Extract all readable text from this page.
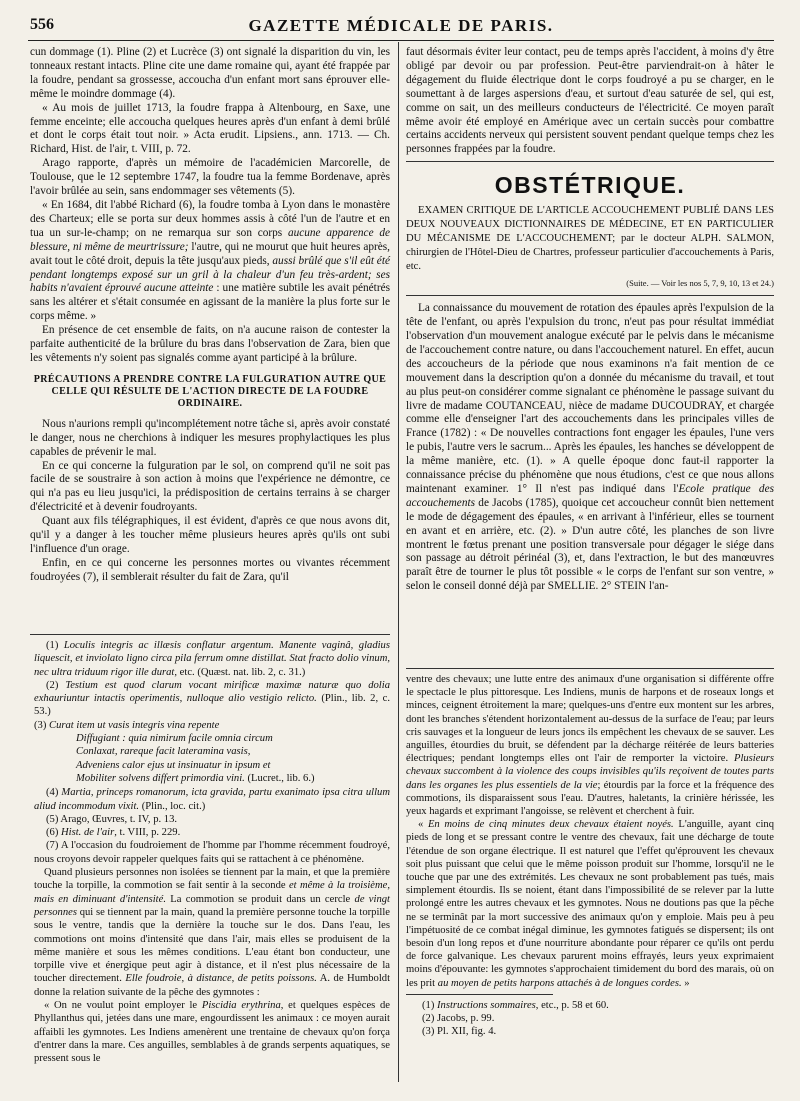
556	GAZETTE MÉDICALE DE PARIS.

cun dommage (1). Pline (2) et Lucrèce (3) ont signalé la disparition du vin, les tonneaux restant intacts. Pline cite une dame romaine qui, ayant été frappée par la foudre, pendant sa grossesse, accoucha d'un enfant mort sans éprouver elle-même le moindre dommage (4).

« Au mois de juillet 1713, la foudre frappa à Altenbourg, en Saxe, une femme enceinte; elle accoucha quelques heures après d'un enfant à demi brûlé et dont le corps était tout noir. » Acta erudit. Lipsiens., ann. 1713. — Ch. Richard, Hist. de l'air, t. VIII, p. 72.

Arago rapporte, d'après un mémoire de l'académicien Marcorelle, de Toulouse, que le 12 septembre 1747, la foudre tua la femme Bordenave, après l'avoir brûlée au sein, sans endommager ses vêtements (5).

« En 1684, dit l'abbé Richard (6), la foudre tomba à Lyon dans le monastère des Charteux; elle se porta sur deux hommes assis à côté l'un de l'autre et en tua un sur-le-champ; on ne remarqua sur son corps aucune apparence de blessure, ni même de meurtrissure; l'autre, qui ne mourut que huit heures après, avait tout le côté droit, depuis la tête jusqu'aux pieds, aussi brûlé que s'il eût été pendant longtemps exposé sur un gril à la chaleur d'un feu très-ardent; ses habits n'avaient éprouvé aucune atteinte : une matière subtile les avait pénétrés sans les altérer et s'était consumée en agissant de la manière la plus forte sur le corps même. »

En présence de cet ensemble de faits, on n'a aucune raison de contester la parfaite authenticité de la brûlure du bras dans l'observation de Zara, bien que les vêtements n'y soient pas signalés comme ayant participé à la brûlure.

PRÉCAUTIONS A PRENDRE CONTRE LA FULGURATION AUTRE QUE CELLE QUI RÉSULTE DE L'ACTION DIRECTE DE LA FOUDRE ORDINAIRE.

Nous n'aurions rempli qu'incomplétement notre tâche si, après avoir constaté le danger, nous ne cherchions à indiquer les mesures prophylactiques les plus capables de prévenir le mal.

En ce qui concerne la fulguration par le sol, on comprend qu'il ne soit pas facile de se soustraire à son action à moins que l'expérience ne démontre, ce qui n'a pas eu lieu jusqu'ici, la prédisposition de certains terrains à se charger d'électricité et à devenir foudroyants.

Quant aux fils télégraphiques, il est évident, d'après ce que nous avons dit, qu'il y a danger à les toucher même plusieurs heures après qu'ils ont subi l'influence d'un orage.

Enfin, en ce qui concerne les personnes mortes ou vivantes récemment foudroyées (7), il semblerait résulter du fait de Zara, qu'il

(1) Loculis integris ac illæsis conflatur argentum. Manente vaginâ, gladius liquescit, et inviolato ligno circa pila ferrum omne distillat. Stat fracto dolio vinum, nec ultra triduum rigor ille durat, etc. (Quæst. nat. lib. 2, c. 31.)

(2) Testium est quod clarum vocant mirificæ maximæ naturæ quo dolia exhauriuntur intactis operimentis, nulloque alio vestigio relicto. (Plin., lib. 2, c. 53.)

(3) Curat item ut vasis integris vina repente

Diffugiant : quia nimirum facile omnia circum

Conlaxat, rareque facit lateramina vasis,

Adveniens calor ejus ut insinuatur in ipsum et

Mobiliter solvens differt primordia vini. (Lucret., lib. 6.)

(4) Martia, princeps romanorum, icta gravida, partu exanimato ipsa citra ullum aliud incommodum vixit. (Plin., loc. cit.)

(5) Arago, Œuvres, t. IV, p. 13.

(6) Hist. de l'air, t. VIII, p. 229.

(7) A l'occasion du foudroiement de l'homme par l'homme récemment foudroyé, nous croyons devoir rappeler quelques faits qui se rattachent à ce phénomène.

Quand plusieurs personnes non isolées se tiennent par la main, et que la première touche la torpille, la commotion se fait sentir à la seconde et même à la troisième, mais en diminuant d'intensité. La commotion se produit dans un cercle de vingt personnes qui se tiennent par la main, quand la première personne touche la torpille sous le ventre, tandis que la dernière la touche sur le dos. Dans l'eau, les commotions ont moins d'intensité que dans l'air, mais elles se produisent de la même manière et sous les mêmes conditions. L'eau étant bon conducteur, une torpille vive et énergique peut agir à distance, et il n'est plus nécessaire de la toucher directement. Elle foudroie, à distance, de petits poissons. A. de Humboldt donne la relation suivante de la pêche des gymnotes :

« On ne voulut point employer le Piscidia erythrina, et quelques espèces de Phyllanthus qui, jetées dans une mare, engourdissent les animaux : ce moyen aurait affaibli les gymnotes. Les Indiens amenèrent une trentaine de chevaux qu'on força d'entrer dans la mare. Ces anguilles, semblables à de grands serpents aquatiques, se pressent sous le

faut désormais éviter leur contact, peu de temps après l'accident, à moins d'y être obligé par devoir ou par profession. Peut-être parviendrait-on à hâter le dégagement du fluide électrique dont le corps foudroyé a pu se charger, en le soumettant à de larges aspersions d'eau, et surtout d'eau saturée de sel, qui est, comme on sait, un des meilleurs conducteurs de l'électricité. Ce moyen paraît même avoir été employé en Amérique avec un certain succès pour combattre certains accidents nerveux qui persistent souvent pendant quelque temps chez les personnes frappées par la foudre.

OBSTÉTRIQUE.

EXAMEN CRITIQUE DE L'ARTICLE ACCOUCHEMENT PUBLIÉ DANS LES DEUX NOUVEAUX DICTIONNAIRES DE MÉDECINE, ET EN PARTICULIER DU MÉCANISME DE L'ACCOUCHEMENT; par le docteur ALPH. SALMON, chirurgien de l'Hôtel-Dieu de Chartres, professeur particulier d'accouchements à Paris, etc.

(Suite. — Voir les nos 5, 7, 9, 10, 13 et 24.)

La connaissance du mouvement de rotation des épaules après l'expulsion de la tête de l'enfant, ou après l'expulsion du tronc, n'eut pas pour résultat immédiat l'observation d'un mouvement analogue exécuté par le pelvis dans le mécanisme de l'accouchement contre nature, ou dans l'accouchement naturel. En effet, aucun des accoucheurs de la période que nous examinons n'a fait mention de ce mouvement dans la description qu'on a donnée du mécanisme du travail, et tout au plus peut-on considérer comme signalant ce phénomène le passage suivant du livre de madame COUTANCEAU, nièce de madame DUCOUDRAY, et chargée comme elle d'enseigner l'art des accouchements dans les principales villes de France (1782) : « De nouvelles contractions font engager les épaules, l'une vers le pubis, l'autre vers le sacrum... Après les épaules, les hanches se développent de la même manière, etc. (1). » A quelle époque donc faut-il rapporter la connaissance précise du phénomène que nous étudions, c'est ce que nous allons maintenant examiner. 1° Il n'est pas indiqué dans l'Ecole pratique des accouchements de Jacobs (1785), quoique cet accoucheur connût bien nettement le mode de dégagement des épaules, « en arrivant à l'inférieur, elles se tournent en avant et en arrière, etc. (2). » D'un autre côté, les planches de son livre montrent le fœtus prenant une position transversale pour dégager le siége dans son passage au détroit périnéal (3), et, dans l'extraction, le but des manœuvres paraît être de tourner le plus tôt possible « le corps de l'enfant sur son ventre, » selon le conseil donné déjà par SMELLIE. 2° STEIN l'an-

ventre des chevaux; une lutte entre des animaux d'une organisation si différente offre le spectacle le plus pittoresque. Les Indiens, munis de harpons et de roseaux longs et minces, ceignent étroitement la mare; quelques-uns d'entre eux montent sur les arbres, dont les branches s'étendent horizontalement au-dessus de la surface de l'eau; par leurs cris sauvages et la longueur de leurs joncs ils empêchent les chevaux de se sauver. Les anguilles, étourdies du bruit, se défendent par la décharge réitérée de leurs batteries électriques; pendant longtemps elles ont l'air de remporter la victoire. Plusieurs chevaux succombent à la violence des coups invisibles qu'ils reçoivent de toutes parts dans les organes les plus essentiels de la vie; étourdis par la force et la fréquence des commotions, ils disparaissent sous l'eau. D'autres, haletants, la crinière hérissée, les yeux hagards et exprimant l'angoisse, se relèvent et cherchent à fuir.

« En moins de cinq minutes deux chevaux étaient noyés. L'anguille, ayant cinq pieds de long et se pressant contre le ventre des chevaux, fait une décharge de toute l'étendue de son organe électrique. Il est naturel que l'effet qu'éprouvent les chevaux soit plus puissant que celui que le même poisson produit sur l'homme, lorsqu'il ne le touche que par une des extrémités. Les chevaux ne sont probablement pas tués, mais simplement étourdis. Ils se noient, étant dans l'impossibilité de se relever par la lutte prolongé entre les autres chevaux et les gymnotes. Nous ne doutions pas que la pêche ne se terminât par la mort successive des animaux qu'on y emploie. Mais peu à peu l'impétuosité de ce combat inégal diminue, les gymnotes fatigués se dispersent; ils ont besoin d'un long repos et d'une nourriture abondante pour réparer ce qu'ils ont perdu de force galvanique. Les chevaux parurent moins effrayés, leurs yeux exprimaient moins d'épouvante: les gymnotes s'approchaient timidement du bord des marais, où on les prit au moyen de petits harpons attachés à de longues cordes. »

(1) Instructions sommaires, etc., p. 58 et 60.

(2) Jacobs, p. 99.

(3) Pl. XII, fig. 4.
